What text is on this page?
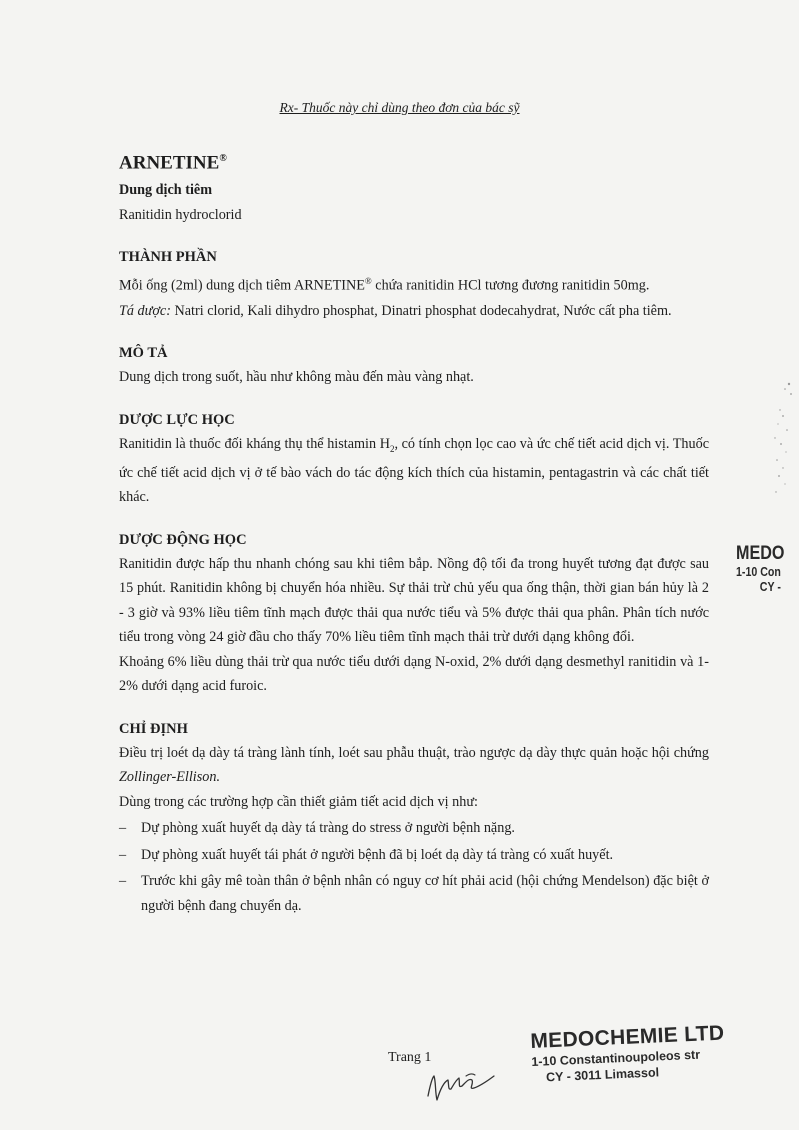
Rx- Thuốc này chỉ dùng theo đơn của bác sỹ
ARNETINE®
Dung dịch tiêm
Ranitidin hydroclorid
THÀNH PHẦN

Mỗi ống (2ml) dung dịch tiêm ARNETINE® chứa ranitidin HCl tương đương ranitidin 50mg.

Tá dược: Natri clorid, Kali dihydro phosphat, Dinatri phosphat dodecahydrat, Nước cất pha tiêm.

MÔ TẢ

Dung dịch trong suốt, hầu như không màu đến màu vàng nhạt.

DƯỢC LỰC HỌC

Ranitidin là thuốc đối kháng thụ thể histamin $H_2$, có tính chọn lọc cao và ức chế tiết acid dịch vị. Thuốc ức chế tiết acid dịch vị ở tế bào vách do tác động kích thích của histamin, pentagastrin và các chất tiết khác.

DƯỢC ĐỘNG HỌC

Ranitidin được hấp thu nhanh chóng sau khi tiêm bắp. Nồng độ tối đa trong huyết tương đạt được sau 15 phút. Ranitidin không bị chuyển hóa nhiều. Sự thải trừ chủ yếu qua ống thận, thời gian bán hủy là 2 - 3 giờ và 93% liều tiêm tĩnh mạch được thải qua nước tiểu và 5% được thải qua phân. Phân tích nước tiểu trong vòng 24 giờ đầu cho thấy 70% liều tiêm tĩnh mạch thải trừ dưới dạng không đổi.

Khoảng 6% liều dùng thải trừ qua nước tiểu dưới dạng N-oxid, 2% dưới dạng desmethyl ranitidin và 1-2% dưới dạng acid furoic.

CHỈ ĐỊNH

Điều trị loét dạ dày tá tràng lành tính, loét sau phẫu thuật, trào ngược dạ dày thực quản hoặc hội chứng Zollinger-Ellison.

Dùng trong các trường hợp cần thiết giảm tiết acid dịch vị như:

– Dự phòng xuất huyết dạ dày tá tràng do stress ở người bệnh nặng.
– Dự phòng xuất huyết tái phát ở người bệnh đã bị loét dạ dày tá tràng có xuất huyết.
– Trước khi gây mê toàn thân ở bệnh nhân có nguy cơ hít phải acid (hội chứng Mendelson) đặc biệt ở người bệnh đang chuyển dạ.
MEDO
1-10 Con
CY -
Trang 1
MEDOCHEMIE LTD
1-10 Constantinoupoleos str
CY - 3011 Limassol
